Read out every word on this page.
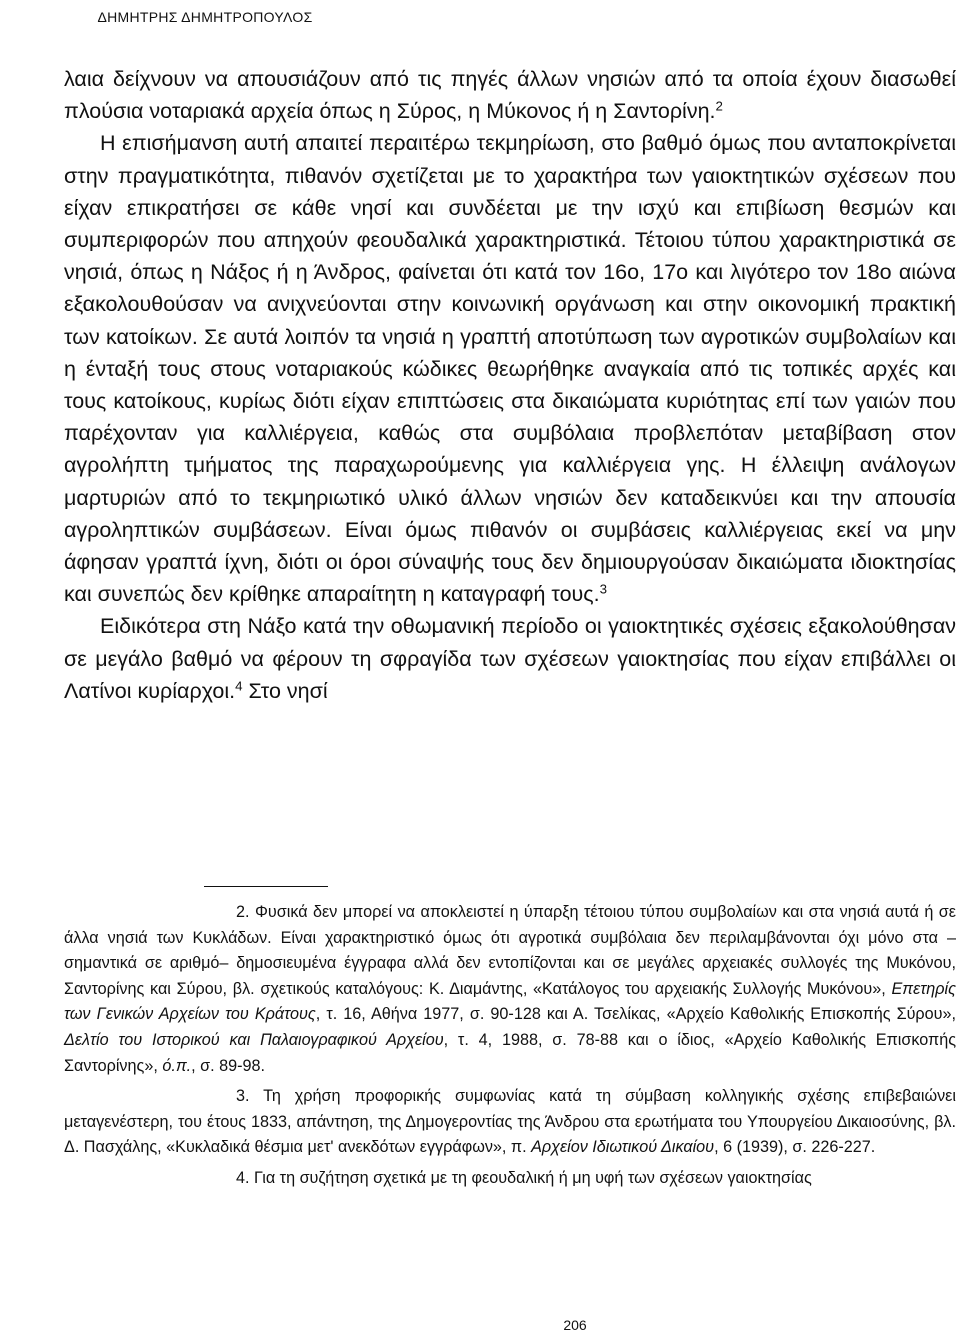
ΔΗΜΗΤΡΗΣ ΔΗΜΗΤΡΟΠΟΥΛΟΣ

λαια δείχνουν να απουσιάζουν από τις πηγές άλλων νησιών από τα οποία έχουν διασωθεί πλούσια νοταριακά αρχεία όπως η Σύρος, η Μύκονος ή η Σαντορίνη.$^2$

Η επισήμανση αυτή απαιτεί περαιτέρω τεκμηρίωση, στο βαθμό όμως που ανταποκρίνεται στην πραγματικότητα, πιθανόν σχετίζεται με το χαρακτήρα των γαιοκτητικών σχέσεων που είχαν επικρατήσει σε κάθε νησί και συνδέεται με την ισχύ και επιβίωση θεσμών και συμπεριφορών που απηχούν φεουδαλικά χαρακτηριστικά. Τέτοιου τύπου χαρακτηριστικά σε νησιά, όπως η Νάξος ή η Άνδρος, φαίνεται ότι κατά τον 16ο, 17ο και λιγότερο τον 18ο αιώνα εξακολουθούσαν να ανιχνεύονται στην κοινωνική οργάνωση και στην οικονομική πρακτική των κατοίκων. Σε αυτά λοιπόν τα νησιά η γραπτή αποτύπωση των αγροτικών συμβολαίων και η ένταξή τους στους νοταριακούς κώδικες θεωρήθηκε αναγκαία από τις τοπικές αρχές και τους κατοίκους, κυρίως διότι είχαν επιπτώσεις στα δικαιώματα κυριότητας επί των γαιών που παρέχονταν για καλλιέργεια, καθώς στα συμβόλαια προβλεπόταν μεταβίβαση στον αγρολήπτη τμήματος της παραχωρούμενης για καλλιέργεια γης. Η έλλειψη ανάλογων μαρτυριών από το τεκμηριωτικό υλικό άλλων νησιών δεν καταδεικνύει και την απουσία αγροληπτικών συμβάσεων. Είναι όμως πιθανόν οι συμβάσεις καλλιέργειας εκεί να μην άφησαν γραπτά ίχνη, διότι οι όροι σύναψής τους δεν δημιουργούσαν δικαιώματα ιδιοκτησίας και συνεπώς δεν κρίθηκε απαραίτητη η καταγραφή τους.$^3$

Ειδικότερα στη Νάξο κατά την οθωμανική περίοδο οι γαιοκτητικές σχέσεις εξακολούθησαν σε μεγάλο βαθμό να φέρουν τη σφραγίδα των σχέσεων γαιοκτησίας που είχαν επιβάλλει οι Λατίνοι κυρίαρχοι.$^4$ Στο νησί

2. Φυσικά δεν μπορεί να αποκλειστεί η ύπαρξη τέτοιου τύπου συμβολαίων και στα νησιά αυτά ή σε άλλα νησιά των Κυκλάδων. Είναι χαρακτηριστικό όμως ότι αγροτικά συμβόλαια δεν περιλαμβάνονται όχι μόνο στα –σημαντικά σε αριθμό– δημοσιευμένα έγγραφα αλλά δεν εντοπίζονται και σε μεγάλες αρχειακές συλλογές της Μυκόνου, Σαντορίνης και Σύρου, βλ. σχετικούς καταλόγους: Κ. Διαμάντης, «Κατάλογος του αρχειακής Συλλογής Μυκόνου», Επετηρίς των Γενικών Αρχείων του Κράτους, τ. 16, Αθήνα 1977, σ. 90-128 και Α. Τσελίκας, «Αρχείο Καθολικής Επισκοπής Σύρου», Δελτίο του Ιστορικού και Παλαιογραφικού Αρχείου, τ. 4, 1988, σ. 78-88 και ο ίδιος, «Αρχείο Καθολικής Επισκοπής Σαντορίνης», ό.π., σ. 89-98.

3. Τη χρήση προφορικής συμφωνίας κατά τη σύμβαση κολληγικής σχέσης επιβεβαιώνει μεταγενέστερη, του έτους 1833, απάντηση, της Δημογεροντίας της Άνδρου στα ερωτήματα του Υπουργείου Δικαιοσύνης, βλ. Δ. Πασχάλης, «Κυκλαδικά θέσμια μετ' ανεκδότων εγγράφων», π. Αρχείον Ιδιωτικού Δικαίου, 6 (1939), σ. 226-227.

4. Για τη συζήτηση σχετικά με τη φεουδαλική ή μη υφή των σχέσεων γαιοκτησίας

206
